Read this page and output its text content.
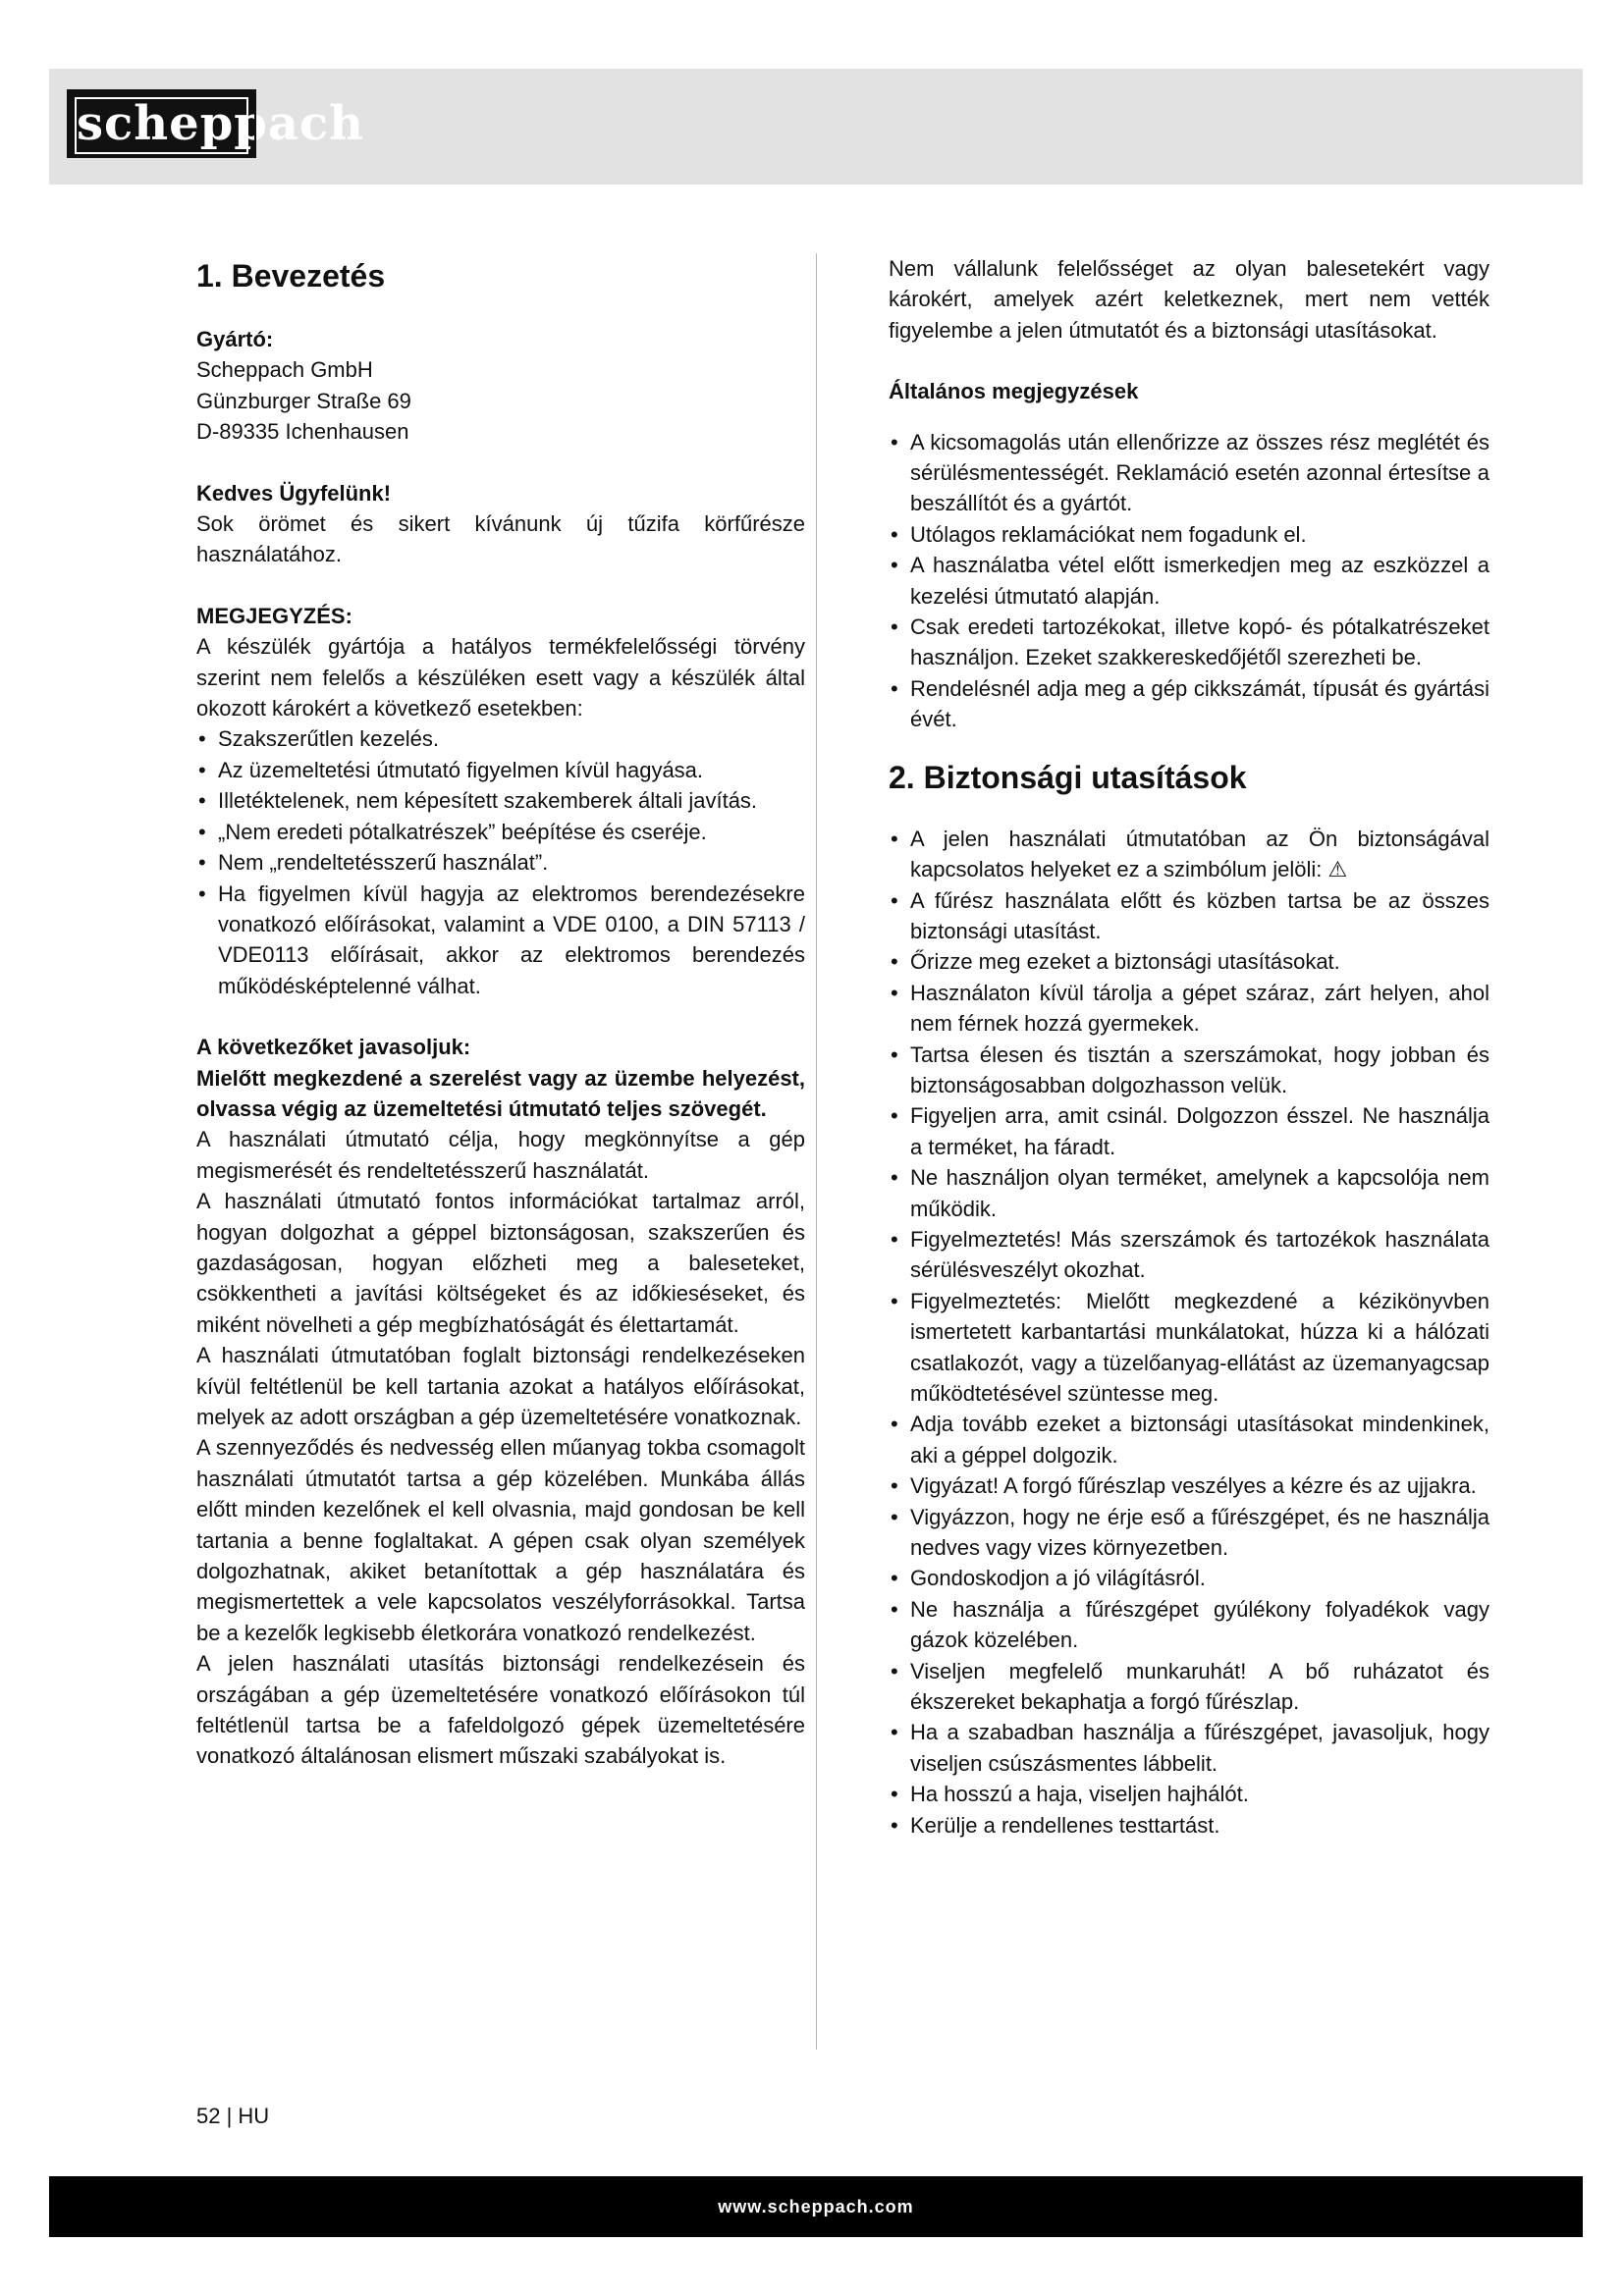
scheppach
1. Bevezetés

Gyártó:

Scheppach GmbH

Günzburger Straße 69

D-89335 Ichenhausen

Kedves Ügyfelünk!

Sok örömet és sikert kívánunk új tűzifa körfűrésze használatához.

MEGJEGYZÉS:

A készülék gyártója a hatályos termékfelelősségi törvény szerint nem felelős a készüléken esett vagy a készülék által okozott károkért a következő esetekben:

• Szakszerűtlen kezelés.
• Az üzemeltetési útmutató figyelmen kívül hagyása.
• Illetéktelenek, nem képesített szakemberek általi javítás.
• „Nem eredeti pótalkatrészek” beépítése és cseréje.
• Nem „rendeltetésszerű használat”.
• Ha figyelmen kívül hagyja az elektromos berendezésekre vonatkozó előírásokat, valamint a VDE 0100, a DIN 57113 / VDE0113 előírásait, akkor az elektromos berendezés működésképtelenné válhat.

A következőket javasoljuk:

Mielőtt megkezdené a szerelést vagy az üzembe helyezést, olvassa végig az üzemeltetési útmutató teljes szövegét.

A használati útmutató célja, hogy megkönnyítse a gép megismerését és rendeltetésszerű használatát.

A használati útmutató fontos információkat tartalmaz arról, hogyan dolgozhat a géppel biztonságosan, szakszerűen és gazdaságosan, hogyan előzheti meg a baleseteket, csökkentheti a javítási költségeket és az időkieséseket, és miként növelheti a gép megbízhatóságát és élettartamát.

A használati útmutatóban foglalt biztonsági rendelkezéseken kívül feltétlenül be kell tartania azokat a hatályos előírásokat, melyek az adott országban a gép üzemeltetésére vonatkoznak.

A szennyeződés és nedvesség ellen műanyag tokba csomagolt használati útmutatót tartsa a gép közelében. Munkába állás előtt minden kezelőnek el kell olvasnia, majd gondosan be kell tartania a benne foglaltakat. A gépen csak olyan személyek dolgozhatnak, akiket betanítottak a gép használatára és megismertettek a vele kapcsolatos veszélyforrásokkal. Tartsa be a kezelők legkisebb életkorára vonatkozó rendelkezést.

A jelen használati utasítás biztonsági rendelkezésein és országában a gép üzemeltetésére vonatkozó előírásokon túl feltétlenül tartsa be a fafeldolgozó gépek üzemeltetésére vonatkozó általánosan elismert műszaki szabályokat is.

Nem vállalunk felelősséget az olyan balesetekért vagy károkért, amelyek azért keletkeznek, mert nem vették figyelembe a jelen útmutatót és a biztonsági utasításokat.

Általános megjegyzések

• A kicsomagolás után ellenőrizze az összes rész meglétét és sérülésmentességét. Reklamáció esetén azonnal értesítse a beszállítót és a gyártót.
• Utólagos reklamációkat nem fogadunk el.
• A használatba vétel előtt ismerkedjen meg az eszközzel a kezelési útmutató alapján.
• Csak eredeti tartozékokat, illetve kopó- és pótalkatrészeket használjon. Ezeket szakkereskedőjétől szerezheti be.
• Rendelésnél adja meg a gép cikkszámát, típusát és gyártási évét.
2. Biztonsági utasítások
• A jelen használati útmutatóban az Ön biztonságával kapcsolatos helyeket ez a szimbólum jelöli: ⚠
• A fűrész használata előtt és közben tartsa be az összes biztonsági utasítást.
• Őrizze meg ezeket a biztonsági utasításokat.
• Használaton kívül tárolja a gépet száraz, zárt helyen, ahol nem férnek hozzá gyermekek.
• Tartsa élesen és tisztán a szerszámokat, hogy jobban és biztonságosabban dolgozhasson velük.
• Figyeljen arra, amit csinál. Dolgozzon ésszel. Ne használja a terméket, ha fáradt.
• Ne használjon olyan terméket, amelynek a kapcsolója nem működik.
• Figyelmeztetés! Más szerszámok és tartozékok használata sérülésveszélyt okozhat.
• Figyelmeztetés: Mielőtt megkezdené a kézikönyvben ismertetett karbantartási munkálatokat, húzza ki a hálózati csatlakozót, vagy a tüzelőanyag-ellátást az üzemanyagcsap működtetésével szüntesse meg.
• Adja tovább ezeket a biztonsági utasításokat mindenkinek, aki a géppel dolgozik.
• Vigyázat! A forgó fűrészlap veszélyes a kézre és az ujjakra.
• Vigyázzon, hogy ne érje eső a fűrészgépet, és ne használja nedves vagy vizes környezetben.
• Gondoskodjon a jó világításról.
• Ne használja a fűrészgépet gyúlékony folyadékok vagy gázok közelében.
• Viseljen megfelelő munkaruhát! A bő ruházatot és ékszereket bekaphatja a forgó fűrészlap.
• Ha a szabadban használja a fűrészgépet, javasoljuk, hogy viseljen csúszásmentes lábbelit.
• Ha hosszú a haja, viseljen hajhálót.
• Kerülje a rendellenes testtartást.
52 | HU
www.scheppach.com
